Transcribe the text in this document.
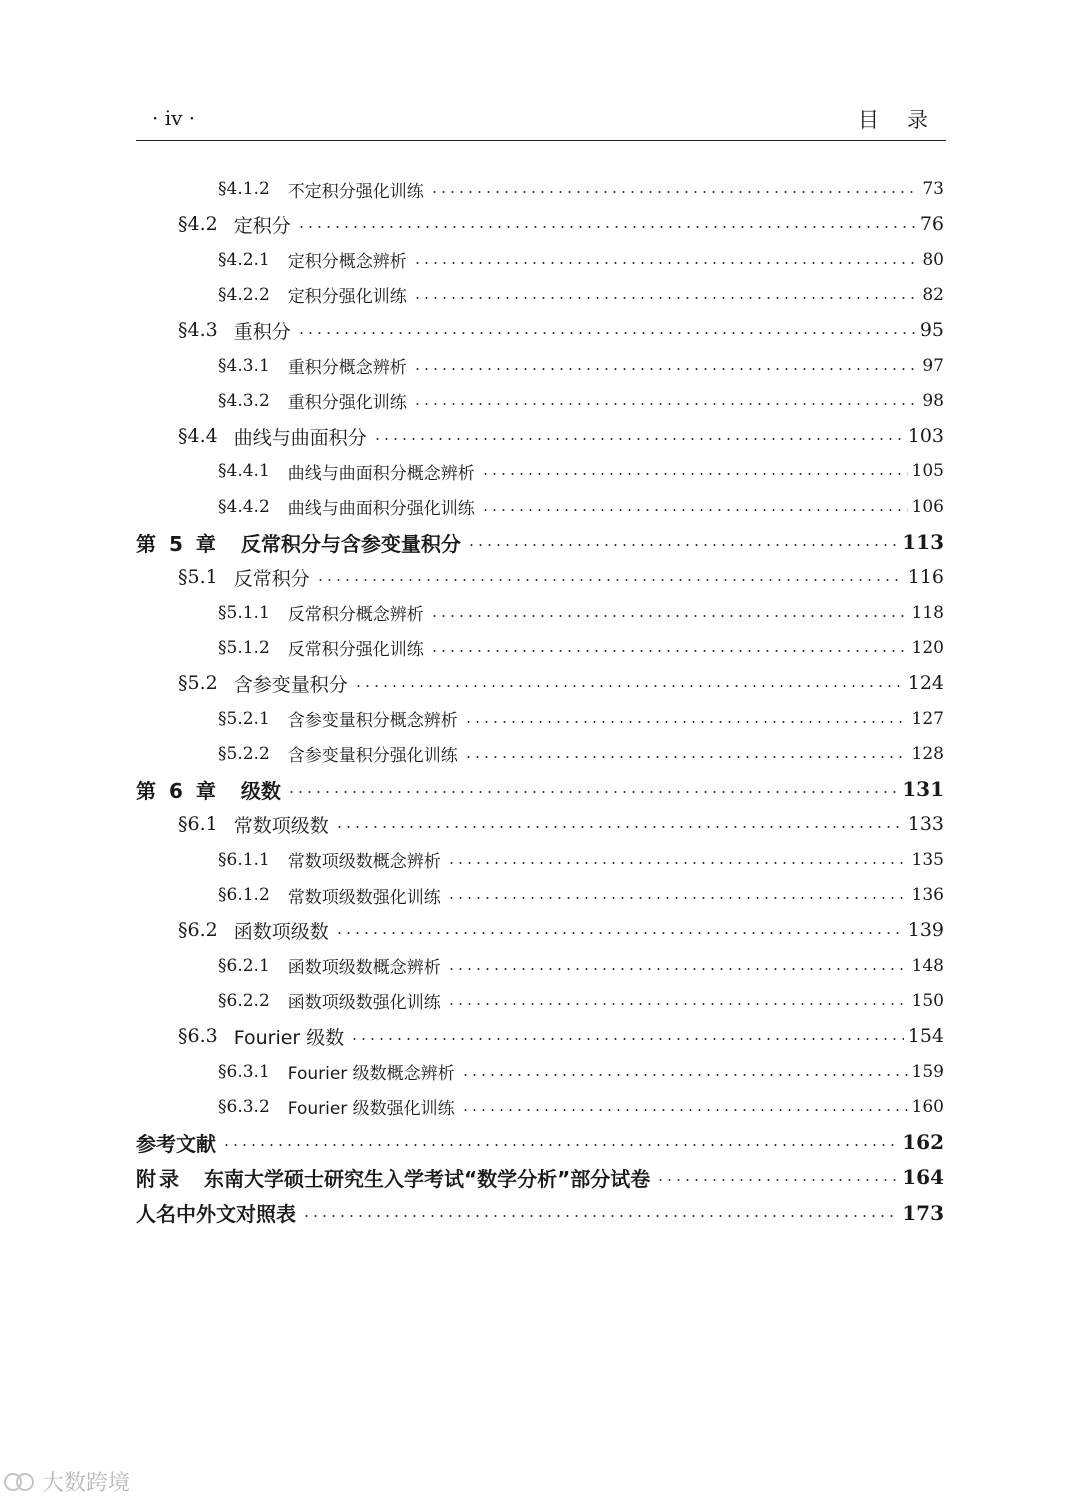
· iv ·	目录
§4.1.2 不定积分强化训练	73
§4.2 定积分	76
§4.2.1 定积分概念辨析	80
§4.2.2 定积分强化训练	82
§4.3 重积分	95
§4.3.1 重积分概念辨析	97
§4.3.2 重积分强化训练	98
§4.4 曲线与曲面积分	103
§4.4.1 曲线与曲面积分概念辨析	105
§4.4.2 曲线与曲面积分强化训练	106
第 5 章 反常积分与含参变量积分	113
§5.1 反常积分	116
§5.1.1 反常积分概念辨析	118
§5.1.2 反常积分强化训练	120
§5.2 含参变量积分	124
§5.2.1 含参变量积分概念辨析	127
§5.2.2 含参变量积分强化训练	128
第 6 章 级数	131
§6.1 常数项级数	133
§6.1.1 常数项级数概念辨析	135
§6.1.2 常数项级数强化训练	136
§6.2 函数项级数	139
§6.2.1 函数项级数概念辨析	148
§6.2.2 函数项级数强化训练	150
§6.3 Fourier 级数	154
§6.3.1 Fourier 级数概念辨析	159
§6.3.2 Fourier 级数强化训练	160
参考文献	162
附录 东南大学硕士研究生入学考试“数学分析”部分试卷	164
人名中外文对照表	173
大数跨境
